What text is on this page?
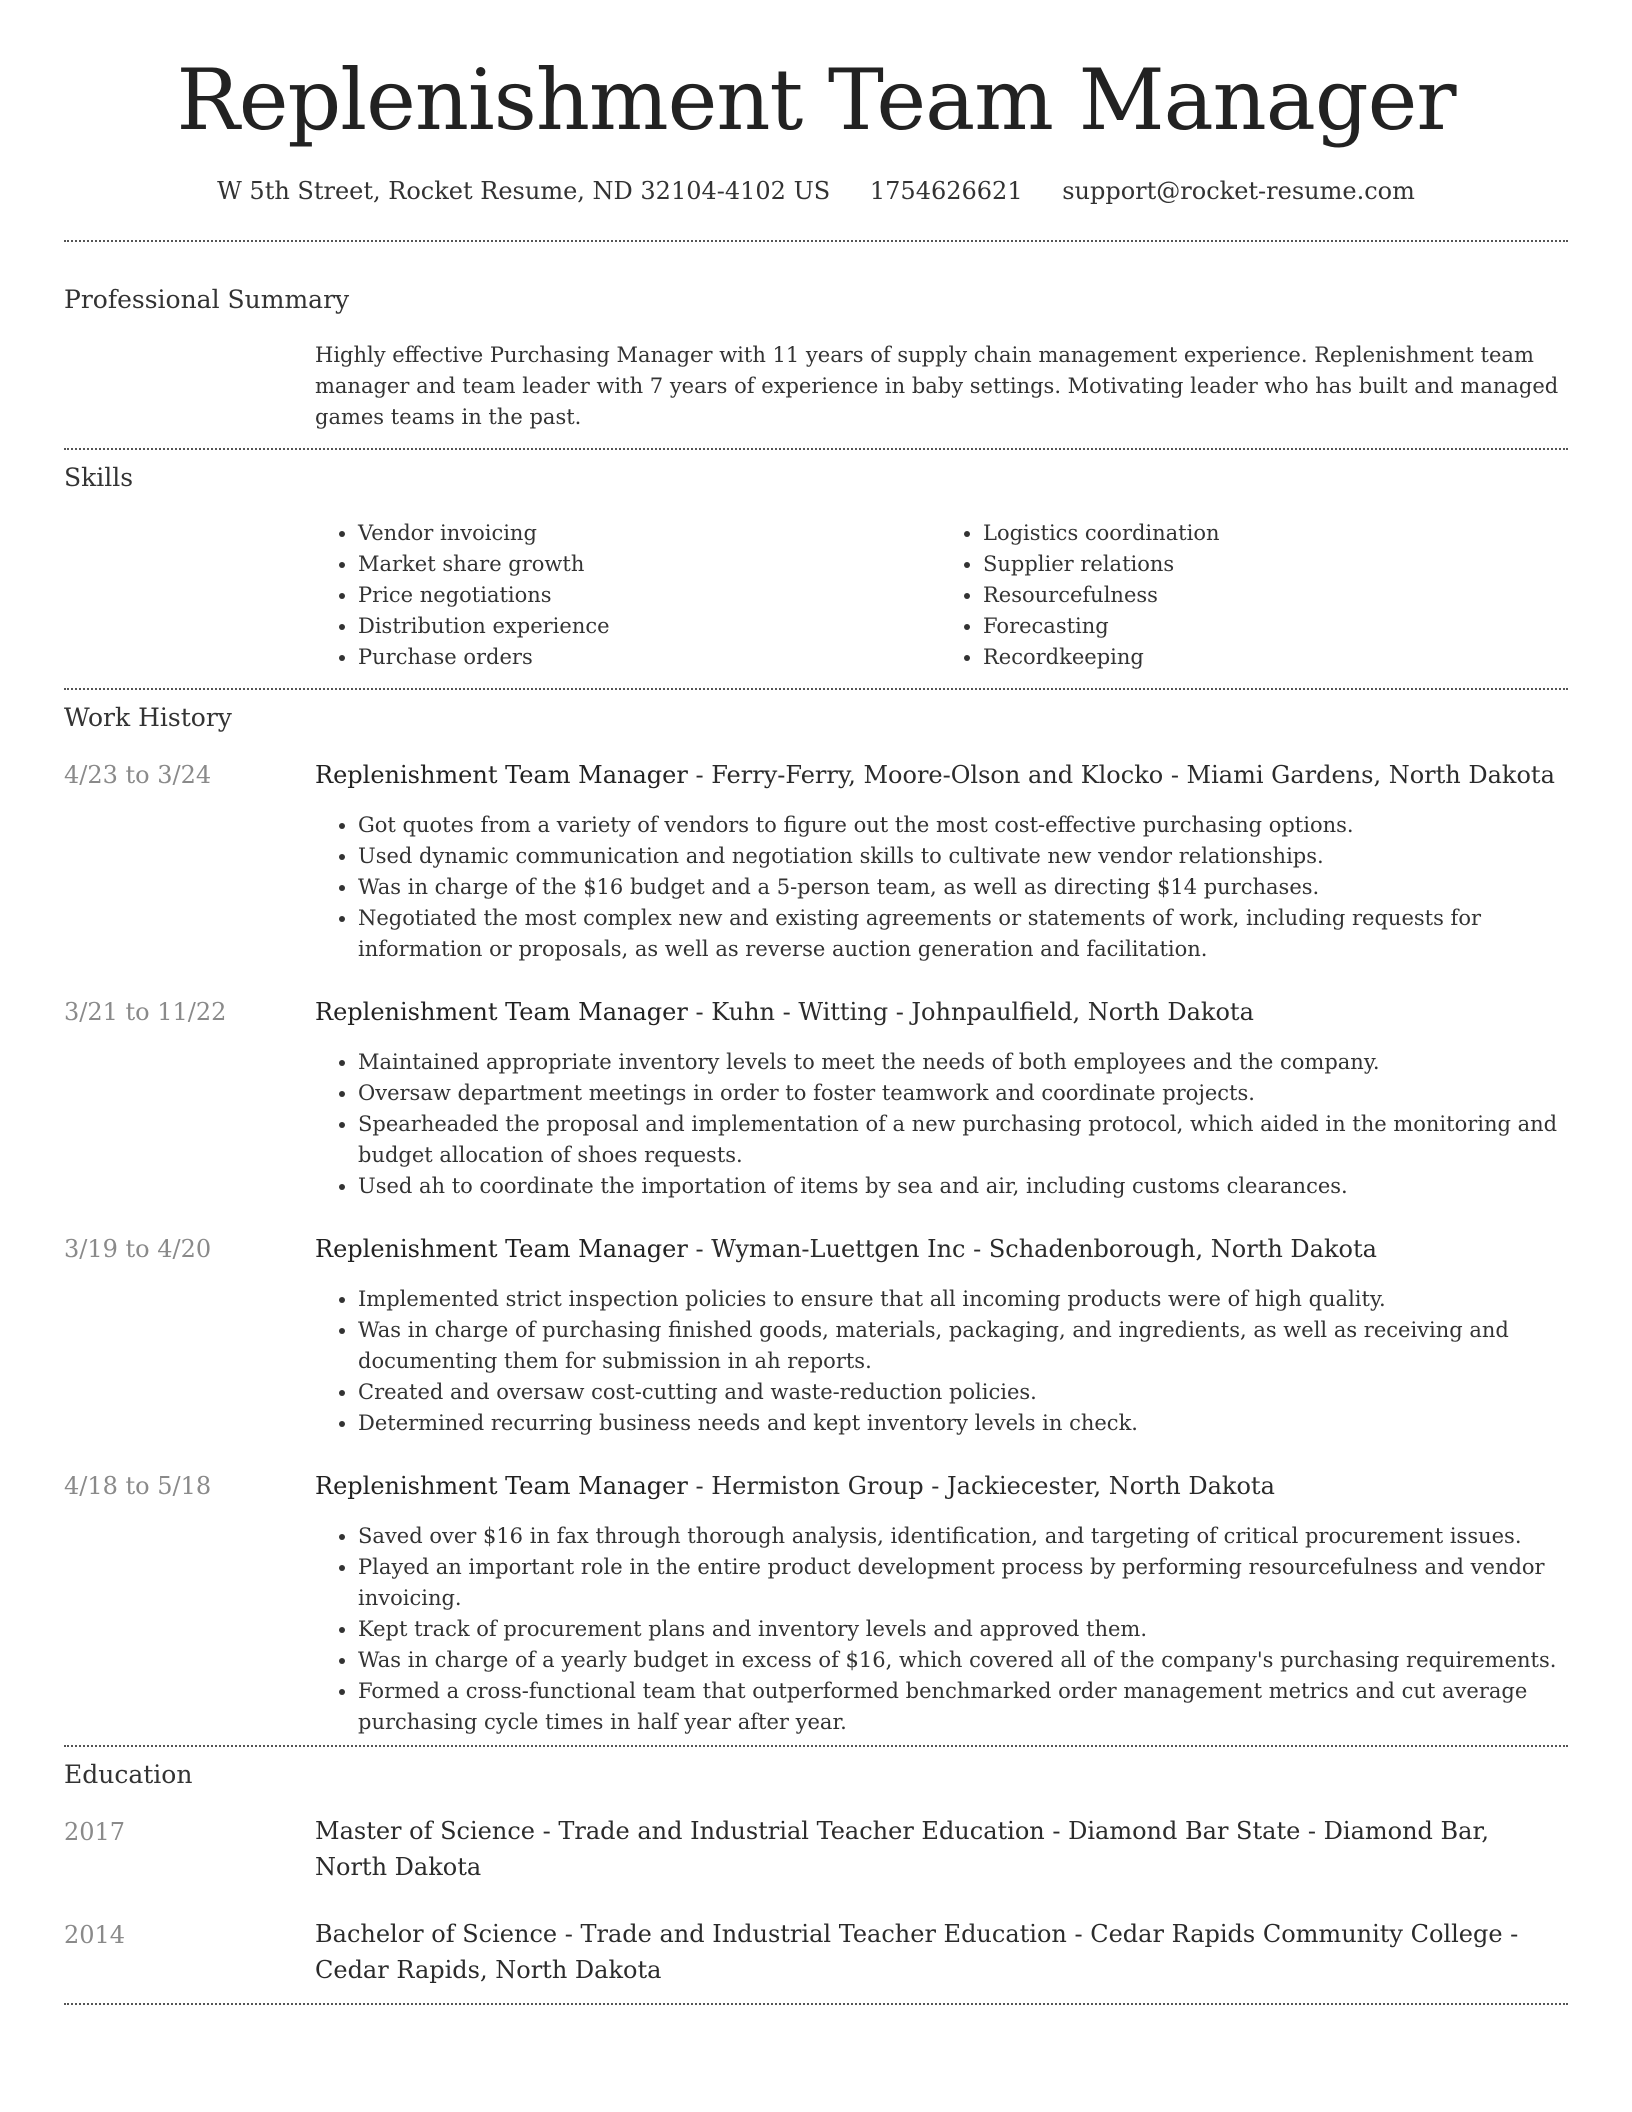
Replenishment Team Manager
W 5th Street, Rocket Resume, ND 32104-4102 US 1754626621 support@rocket-resume.com
Professional Summary
Highly effective Purchasing Manager with 11 years of supply chain management experience. Replenishment team manager and team leader with 7 years of experience in baby settings. Motivating leader who has built and managed games teams in the past.
Skills
• Vendor invoicing
• Market share growth
• Price negotiations
• Distribution experience
• Purchase orders
• Logistics coordination
• Supplier relations
• Resourcefulness
• Forecasting
• Recordkeeping
Work History
4/23 to 3/24	Replenishment Team Manager - Ferry-Ferry, Moore-Olson and Klocko - Miami Gardens, North Dakota
• Got quotes from a variety of vendors to figure out the most cost-effective purchasing options.
• Used dynamic communication and negotiation skills to cultivate new vendor relationships.
• Was in charge of the $16 budget and a 5-person team, as well as directing $14 purchases.
• Negotiated the most complex new and existing agreements or statements of work, including requests for information or proposals, as well as reverse auction generation and facilitation.
3/21 to 11/22	Replenishment Team Manager - Kuhn - Witting - Johnpaulfield, North Dakota
• Maintained appropriate inventory levels to meet the needs of both employees and the company.
• Oversaw department meetings in order to foster teamwork and coordinate projects.
• Spearheaded the proposal and implementation of a new purchasing protocol, which aided in the monitoring and budget allocation of shoes requests.
• Used ah to coordinate the importation of items by sea and air, including customs clearances.
3/19 to 4/20	Replenishment Team Manager - Wyman-Luettgen Inc - Schadenborough, North Dakota
• Implemented strict inspection policies to ensure that all incoming products were of high quality.
• Was in charge of purchasing finished goods, materials, packaging, and ingredients, as well as receiving and documenting them for submission in ah reports.
• Created and oversaw cost-cutting and waste-reduction policies.
• Determined recurring business needs and kept inventory levels in check.
4/18 to 5/18	Replenishment Team Manager - Hermiston Group - Jackiecester, North Dakota
• Saved over $16 in fax through thorough analysis, identification, and targeting of critical procurement issues.
• Played an important role in the entire product development process by performing resourcefulness and vendor invoicing.
• Kept track of procurement plans and inventory levels and approved them.
• Was in charge of a yearly budget in excess of $16, which covered all of the company's purchasing requirements.
• Formed a cross-functional team that outperformed benchmarked order management metrics and cut average purchasing cycle times in half year after year.
Education
2017	Master of Science - Trade and Industrial Teacher Education - Diamond Bar State - Diamond Bar, North Dakota
2014	Bachelor of Science - Trade and Industrial Teacher Education - Cedar Rapids Community College - Cedar Rapids, North Dakota
